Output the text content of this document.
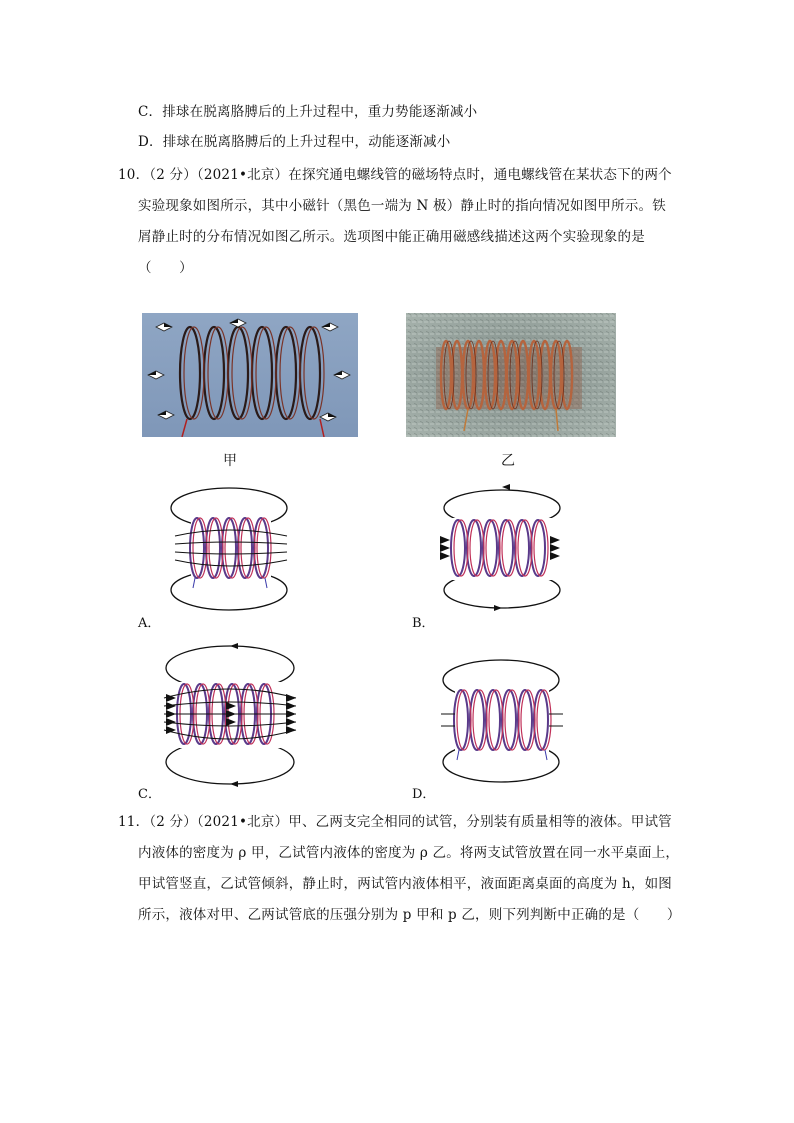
C．排球在脱离胳膊后的上升过程中，重力势能逐渐减小
D．排球在脱离胳膊后的上升过程中，动能逐渐减小
10．（2 分）（2021•北京）在探究通电螺线管的磁场特点时，通电螺线管在某状态下的两个
实验现象如图所示，其中小磁针（黑色一端为 N 极）静止时的指向情况如图甲所示。铁
屑静止时的分布情况如图乙所示。选项图中能正确用磁感线描述这两个实验现象的是
（　　）
甲	乙
A．	B．
C．	D．
11．（2 分）（2021•北京）甲、乙两支完全相同的试管，分别装有质量相等的液体。甲试管
内液体的密度为 ρ 甲，乙试管内液体的密度为 ρ 乙。将两支试管放置在同一水平桌面上，
甲试管竖直，乙试管倾斜，静止时，两试管内液体相平，液面距离桌面的高度为 h，如图
所示，液体对甲、乙两试管底的压强分别为 p 甲和 p 乙，则下列判断中正确的是（　　）
